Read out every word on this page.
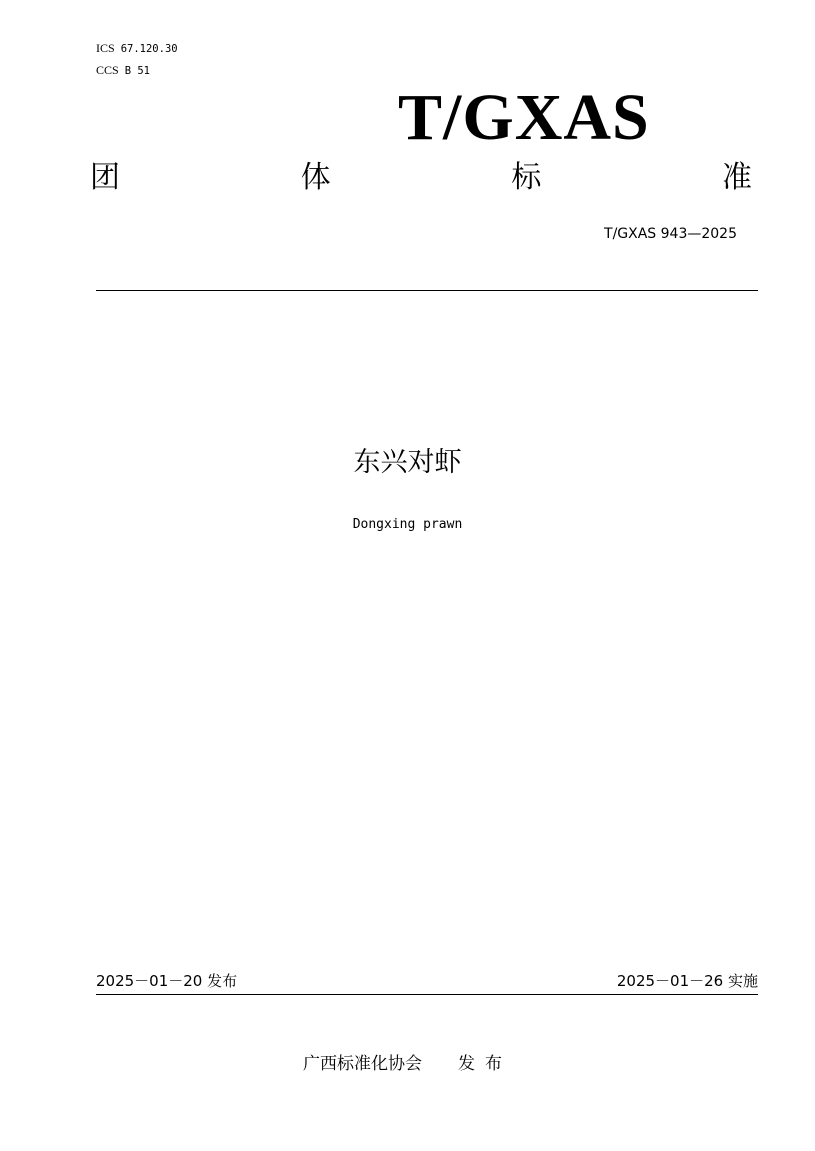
ICS 67.120.30
CCS B 51
T/GXAS
团	体	标	准
T/GXAS 943—2025
东兴对虾
Dongxing prawn
2025－01－20 发布	2025－01－26 实施
广西标准化协会 发布
